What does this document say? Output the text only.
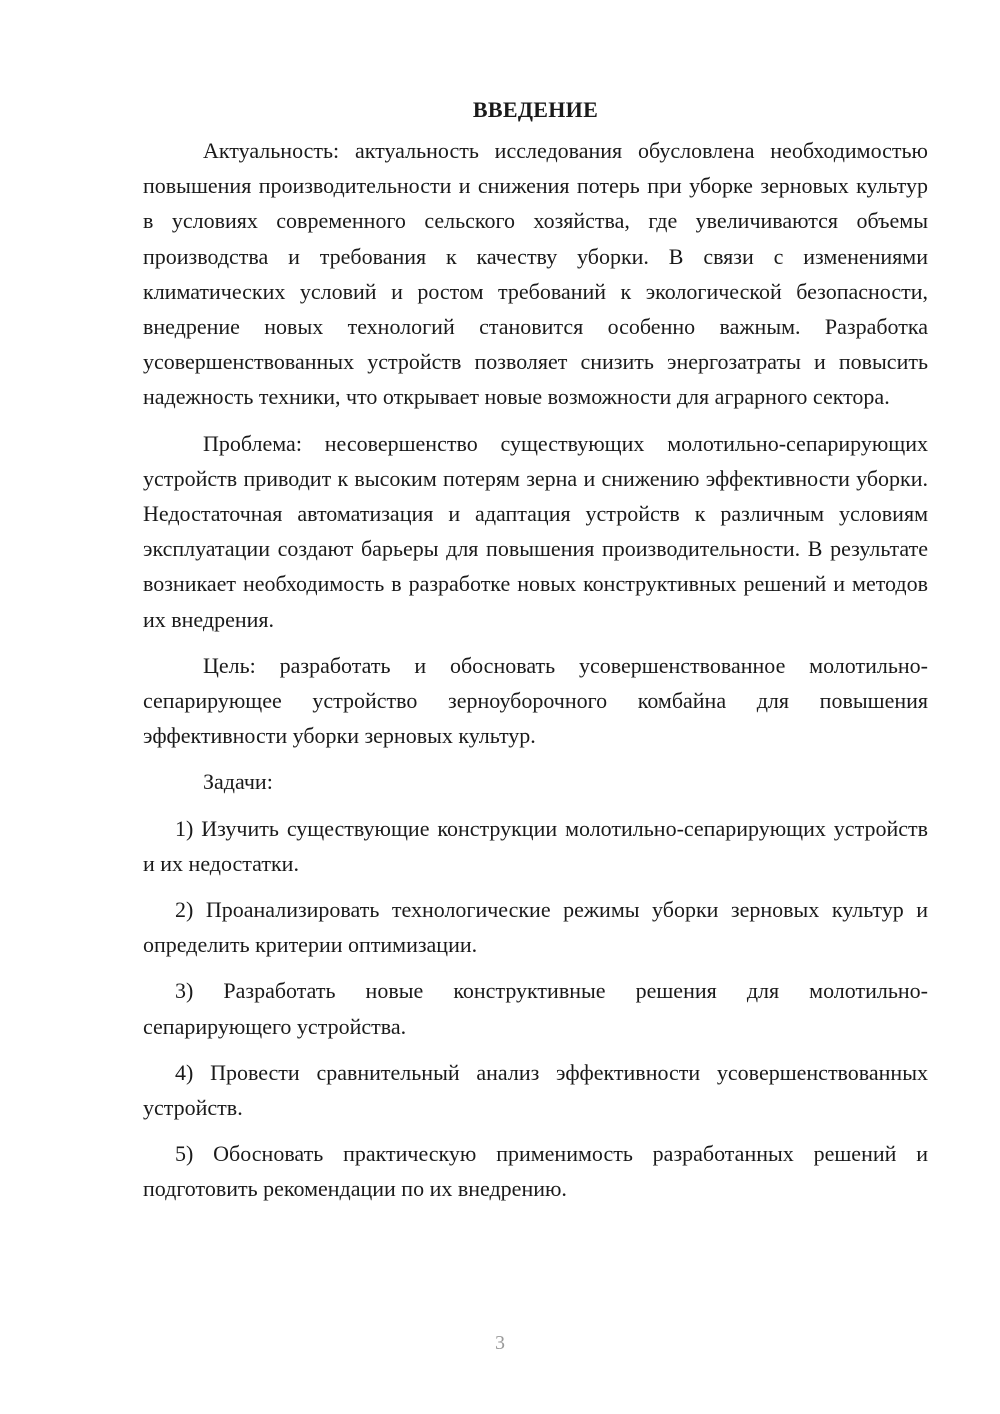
ВВЕДЕНИЕ

Актуальность: актуальность исследования обусловлена необходимостью повышения производительности и снижения потерь при уборке зерновых культур в условиях современного сельского хозяйства, где увеличиваются объемы производства и требования к качеству уборки. В связи с изменениями климатических условий и ростом требований к экологической безопасности, внедрение новых технологий становится особенно важным. Разработка усовершенствованных устройств позволяет снизить энергозатраты и повысить надежность техники, что открывает новые возможности для аграрного сектора.

Проблема: несовершенство существующих молотильно-сепарирующих устройств приводит к высоким потерям зерна и снижению эффективности уборки. Недостаточная автоматизация и адаптация устройств к различным условиям эксплуатации создают барьеры для повышения производительности. В результате возникает необходимость в разработке новых конструктивных решений и методов их внедрения.

Цель: разработать и обосновать усовершенствованное молотильно-сепарирующее устройство зерноуборочного комбайна для повышения эффективности уборки зерновых культур.

Задачи:

1) Изучить существующие конструкции молотильно-сепарирующих устройств и их недостатки.

2) Проанализировать технологические режимы уборки зерновых культур и определить критерии оптимизации.

3) Разработать новые конструктивные решения для молотильно-сепарирующего устройства.

4) Провести сравнительный анализ эффективности усовершенствованных устройств.

5) Обосновать практическую применимость разработанных решений и подготовить рекомендации по их внедрению.

3
